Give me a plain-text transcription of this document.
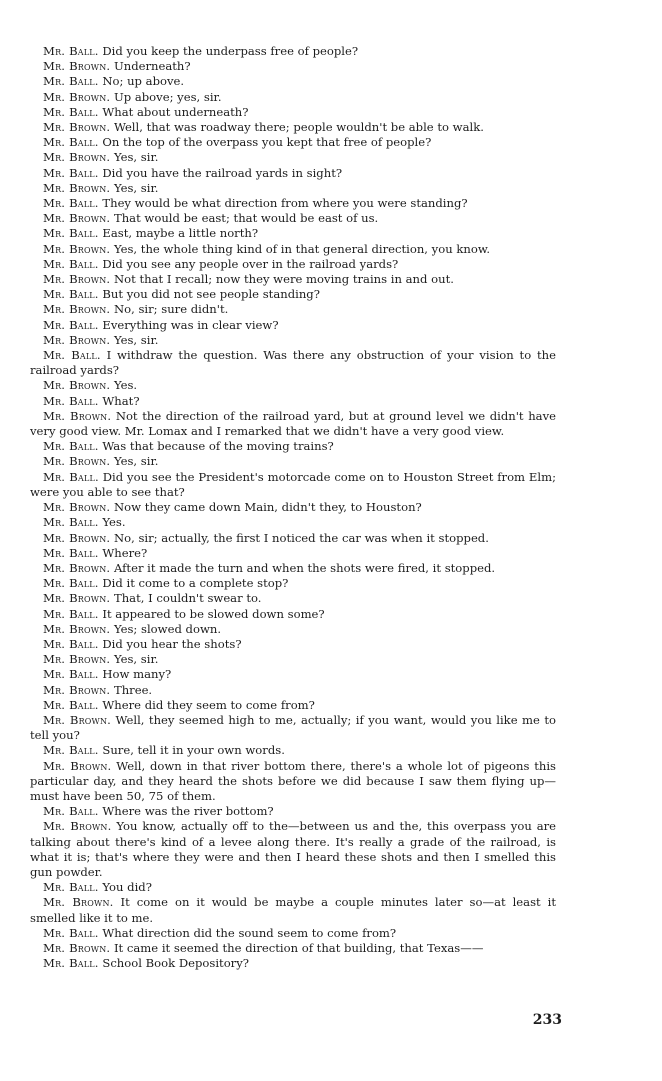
Mr. Ball. Did you keep the underpass free of people?
Mr. Brown. Underneath?
Mr. Ball. No; up above.
Mr. Brown. Up above; yes, sir.
Mr. Ball. What about underneath?
Mr. Brown. Well, that was roadway there; people wouldn't be able to walk.
Mr. Ball. On the top of the overpass you kept that free of people?
Mr. Brown. Yes, sir.
Mr. Ball. Did you have the railroad yards in sight?
Mr. Brown. Yes, sir.
Mr. Ball. They would be what direction from where you were standing?
Mr. Brown. That would be east; that would be east of us.
Mr. Ball. East, maybe a little north?
Mr. Brown. Yes, the whole thing kind of in that general direction, you know.
Mr. Ball. Did you see any people over in the railroad yards?
Mr. Brown. Not that I recall; now they were moving trains in and out.
Mr. Ball. But you did not see people standing?
Mr. Brown. No, sir; sure didn't.
Mr. Ball. Everything was in clear view?
Mr. Brown. Yes, sir.
Mr. Ball. I withdraw the question. Was there any obstruction of your vision to the railroad yards?
Mr. Brown. Yes.
Mr. Ball. What?
Mr. Brown. Not the direction of the railroad yard, but at ground level we didn't have very good view. Mr. Lomax and I remarked that we didn't have a very good view.
Mr. Ball. Was that because of the moving trains?
Mr. Brown. Yes, sir.
Mr. Ball. Did you see the President's motorcade come on to Houston Street from Elm; were you able to see that?
Mr. Brown. Now they came down Main, didn't they, to Houston?
Mr. Ball. Yes.
Mr. Brown. No, sir; actually, the first I noticed the car was when it stopped.
Mr. Ball. Where?
Mr. Brown. After it made the turn and when the shots were fired, it stopped.
Mr. Ball. Did it come to a complete stop?
Mr. Brown. That, I couldn't swear to.
Mr. Ball. It appeared to be slowed down some?
Mr. Brown. Yes; slowed down.
Mr. Ball. Did you hear the shots?
Mr. Brown. Yes, sir.
Mr. Ball. How many?
Mr. Brown. Three.
Mr. Ball. Where did they seem to come from?
Mr. Brown. Well, they seemed high to me, actually; if you want, would you like me to tell you?
Mr. Ball. Sure, tell it in your own words.
Mr. Brown. Well, down in that river bottom there, there's a whole lot of pigeons this particular day, and they heard the shots before we did because I saw them flying up—must have been 50, 75 of them.
Mr. Ball. Where was the river bottom?
Mr. Brown. You know, actually off to the—between us and the, this overpass you are talking about there's kind of a levee along there. It's really a grade of the railroad, is what it is; that's where they were and then I heard these shots and then I smelled this gun powder.
Mr. Ball. You did?
Mr. Brown. It come on it would be maybe a couple minutes later so—at least it smelled like it to me.
Mr. Ball. What direction did the sound seem to come from?
Mr. Brown. It came it seemed the direction of that building, that Texas——
Mr. Ball. School Book Depository?
233
